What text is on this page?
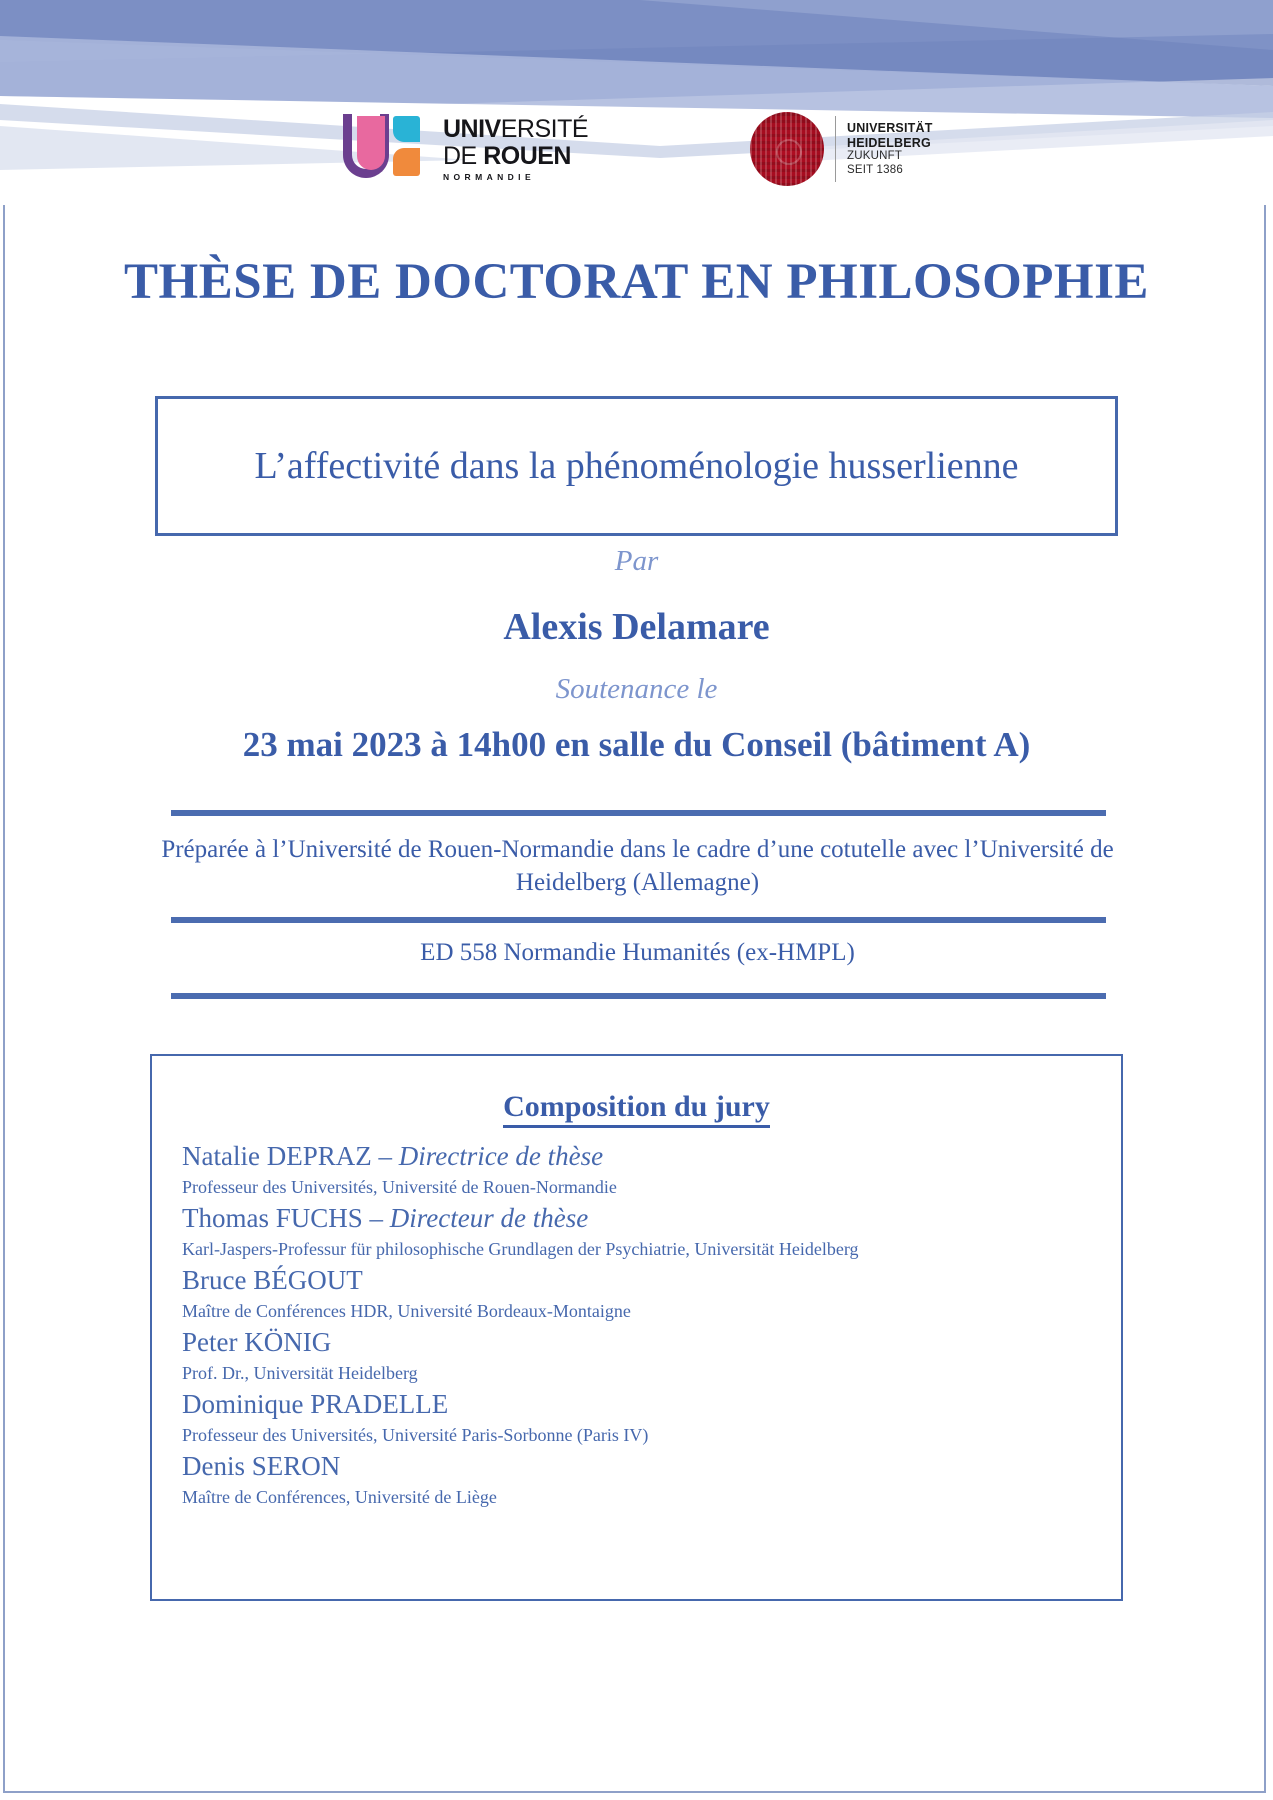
UNIVERSITÉ
DE ROUEN
NORMANDIE
UNIVERSITÄT
HEIDELBERG
ZUKUNFT
SEIT 1386
THÈSE DE DOCTORAT EN PHILOSOPHIE
L’affectivité dans la phénoménologie husserlienne
Par
Alexis Delamare
Soutenance le
23 mai 2023 à 14h00 en salle du Conseil (bâtiment A)
Préparée à l’Université de Rouen-Normandie dans le cadre d’une cotutelle avec l’Université de Heidelberg (Allemagne)
ED 558 Normandie Humanités (ex-HMPL)
Composition du jury
Natalie DEPRAZ – Directrice de thèse
Professeur des Universités, Université de Rouen-Normandie
Thomas FUCHS – Directeur de thèse
Karl-Jaspers-Professur für philosophische Grundlagen der Psychiatrie, Universität Heidelberg
Bruce BÉGOUT
Maître de Conférences HDR, Université Bordeaux-Montaigne
Peter KÖNIG
Prof. Dr., Universität Heidelberg
Dominique PRADELLE
Professeur des Universités, Université Paris-Sorbonne (Paris IV)
Denis SERON
Maître de Conférences, Université de Liège
